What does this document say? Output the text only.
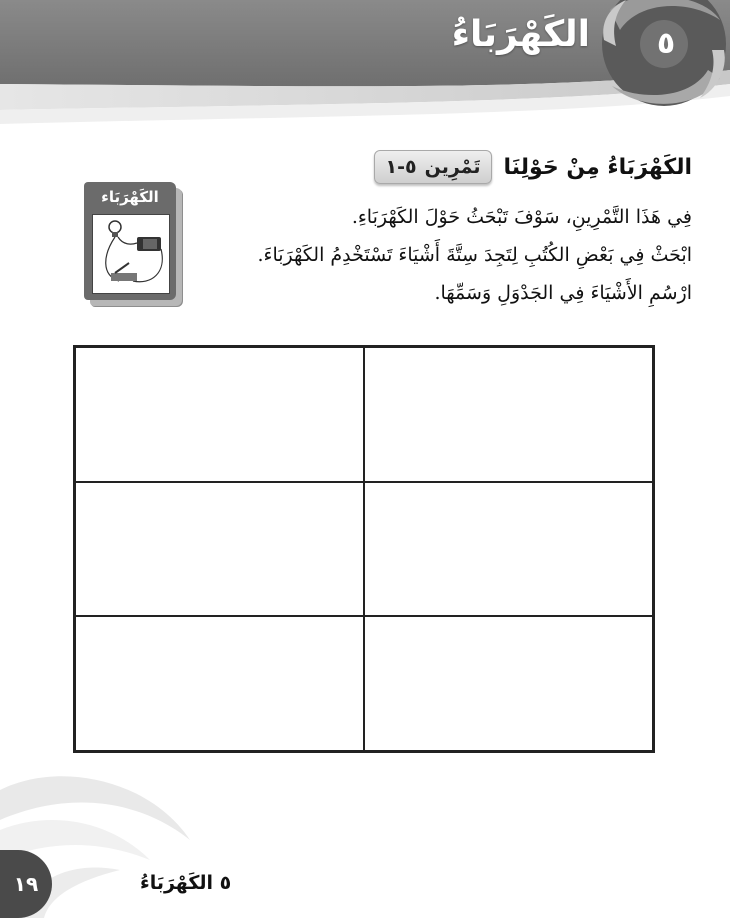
٥
الكَهْرَبَاءُ
تَمْرِين
٥-١	الكَهْرَبَاءُ مِنْ حَوْلِنَا
الكَهْرَبَاء

فِي هَذَا التَّمْرِينِ، سَوْفَ تَبْحَثُ حَوْلَ الكَهْرَبَاءِ.

ابْحَثْ فِي بَعْضِ الكُتُبِ لِتَجِدَ سِتَّةَ أَشْيَاءَ تَسْتَخْدِمُ الكَهْرَبَاءَ.

ارْسُمِ الأَشْيَاءَ فِي الجَدْوَلِ وَسَمِّهَا.

١٩	٥ الكَهْرَبَاءُ
